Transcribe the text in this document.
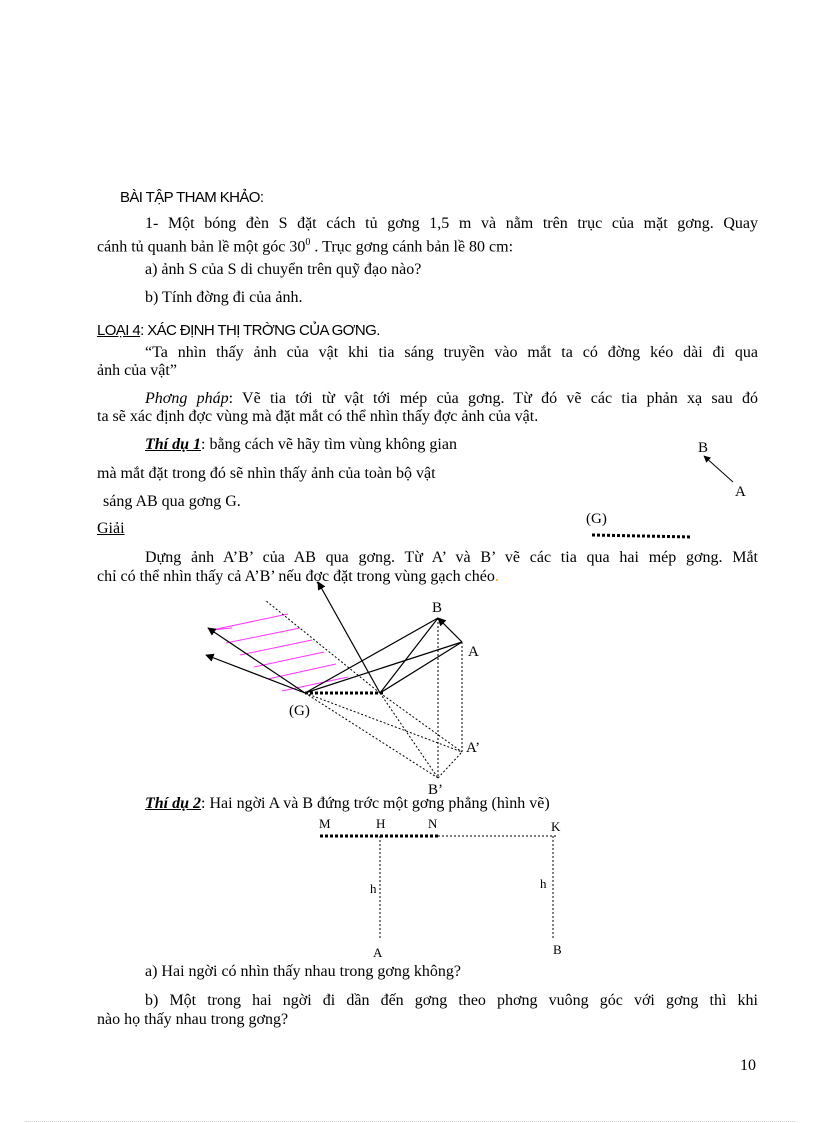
BÀI TẬP THAM KHẢO:
1- Một bóng đèn S đặt cách tủ gơng 1,5 m và nằm trên trục của mặt gơng. Quay
cánh tủ quanh bản lề một góc $30^0$ . Trục gơng cánh bản lề 80 cm:
a) ảnh S của S di chuyển trên quỹ đạo nào?
b) Tính đờng đi của ảnh.
LOẠI 4: XÁC ĐỊNH THỊ TRỜNG CỦA GƠNG.
“Ta nhìn thấy ảnh của vật khi tia sáng truyền vào mắt ta có đờng kéo dài đi qua
ảnh của vật”
Phơng pháp: Vẽ tia tới từ vật tới mép của gơng. Từ đó vẽ các tia phản xạ sau đó
ta sẽ xác định đợc vùng mà đặt mắt có thể nhìn thấy đợc ảnh của vật.
Thí dụ 1: bằng cách vẽ hãy tìm vùng không gian
mà mắt đặt trong đó sẽ nhìn thấy ảnh của toàn bộ vật
sáng AB qua gơng G.
Giải
Dựng ảnh A’B’ của AB qua gơng. Từ A’ và B’ vẽ các tia qua hai mép gơng. Mắt
chỉ có thể nhìn thấy cả A’B’ nếu đợc đặt trong vùng gạch chéo.
Thí dụ 2: Hai ngời A và B đứng trớc một gơng phẳng (hình vẽ)
a) Hai ngời có nhìn thấy nhau trong gơng không?
b) Một trong hai ngời đi dần đến gơng theo phơng vuông góc với gơng thì khi
nào họ thấy nhau trong gơng?
10
B
A
(G)
B
A
(G)
A’
B’
M	H	N	K
h	h
A	B
